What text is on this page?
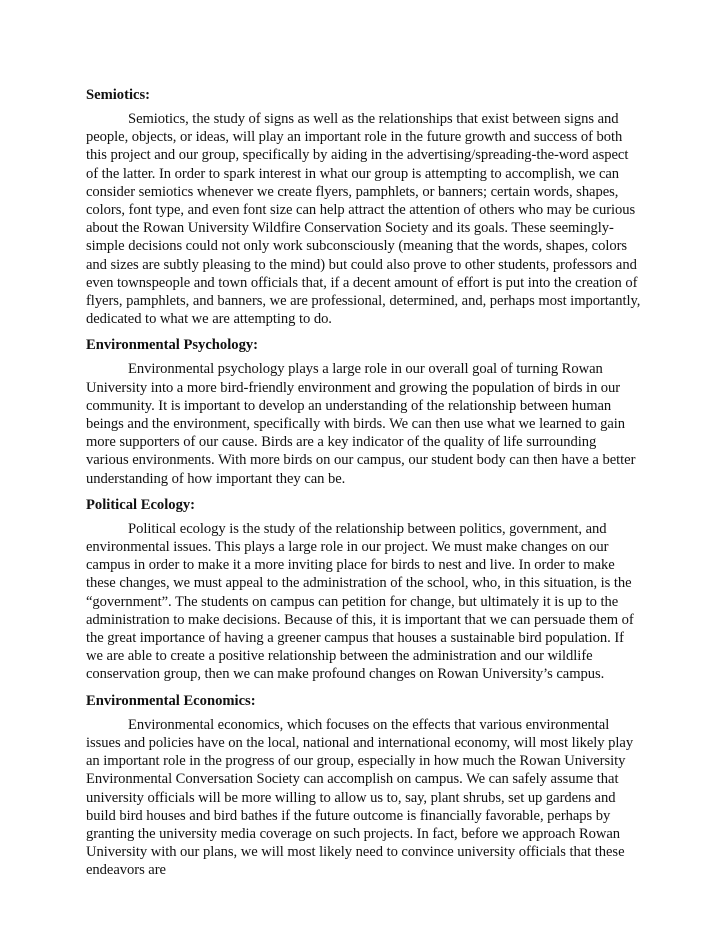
Semiotics:

Semiotics, the study of signs as well as the relationships that exist between signs and people, objects, or ideas, will play an important role in the future growth and success of both this project and our group, specifically by aiding in the advertising/spreading-the-word aspect of the latter. In order to spark interest in what our group is attempting to accomplish, we can consider semiotics whenever we create flyers, pamphlets, or banners; certain words, shapes, colors, font type, and even font size can help attract the attention of others who may be curious about the Rowan University Wildfire Conservation Society and its goals. These seemingly-simple decisions could not only work subconsciously (meaning that the words, shapes, colors and sizes are subtly pleasing to the mind) but could also prove to other students, professors and even townspeople and town officials that, if a decent amount of effort is put into the creation of flyers, pamphlets, and banners, we are professional, determined, and, perhaps most importantly, dedicated to what we are attempting to do.

Environmental Psychology:

Environmental psychology plays a large role in our overall goal of turning Rowan University into a more bird-friendly environment and growing the population of birds in our community. It is important to develop an understanding of the relationship between human beings and the environment, specifically with birds. We can then use what we learned to gain more supporters of our cause. Birds are a key indicator of the quality of life surrounding various environments. With more birds on our campus, our student body can then have a better understanding of how important they can be.

Political Ecology:

Political ecology is the study of the relationship between politics, government, and environmental issues. This plays a large role in our project. We must make changes on our campus in order to make it a more inviting place for birds to nest and live. In order to make these changes, we must appeal to the administration of the school, who, in this situation, is the “government”. The students on campus can petition for change, but ultimately it is up to the administration to make decisions. Because of this, it is important that we can persuade them of the great importance of having a greener campus that houses a sustainable bird population. If we are able to create a positive relationship between the administration and our wildlife conservation group, then we can make profound changes on Rowan University’s campus.

Environmental Economics:

Environmental economics, which focuses on the effects that various environmental issues and policies have on the local, national and international economy, will most likely play an important role in the progress of our group, especially in how much the Rowan University Environmental Conversation Society can accomplish on campus. We can safely assume that university officials will be more willing to allow us to, say, plant shrubs, set up gardens and build bird houses and bird bathes if the future outcome is financially favorable, perhaps by granting the university media coverage on such projects. In fact, before we approach Rowan University with our plans, we will most likely need to convince university officials that these endeavors are
